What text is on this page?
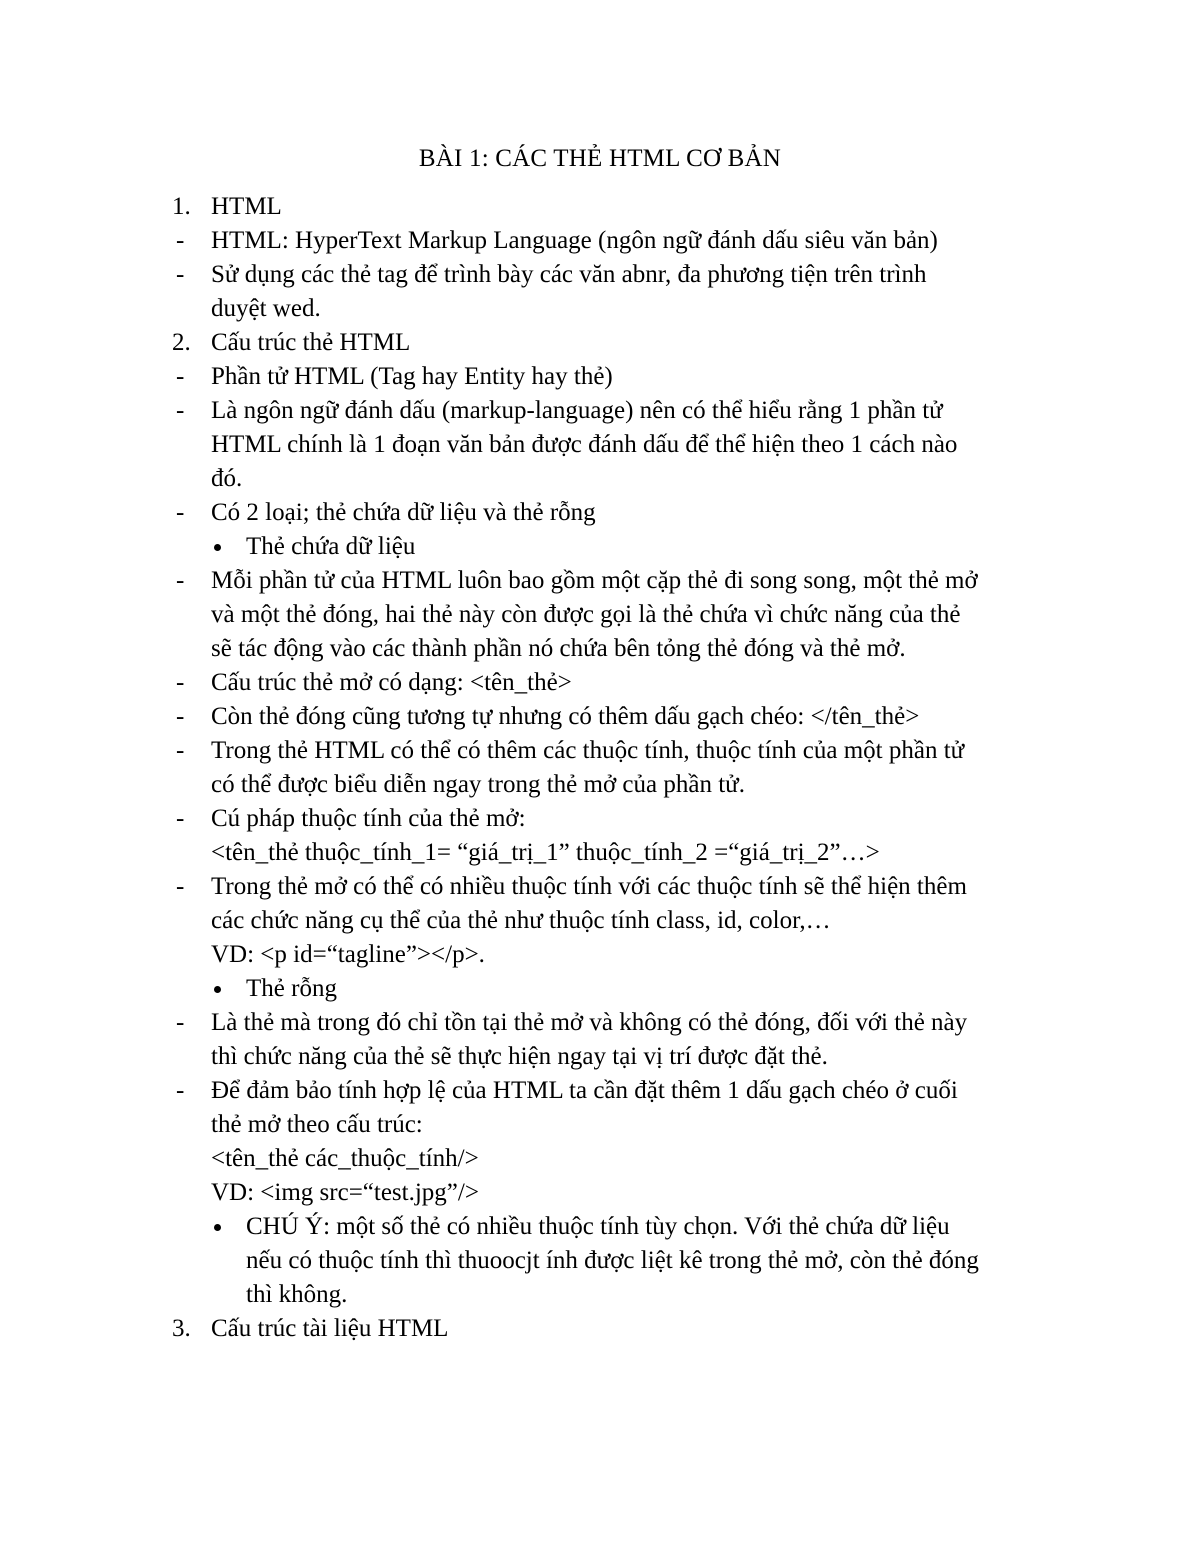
BÀI 1: CÁC THẺ HTML CƠ BẢN
1. HTML
- HTML: HyperText Markup Language (ngôn ngữ đánh dấu siêu văn bản)
- Sử dụng các thẻ tag để trình bày các văn abnr, đa phương tiện trên trình
duyệt wed.
2. Cấu trúc thẻ HTML
- Phần tử HTML (Tag hay Entity hay thẻ)
- Là ngôn ngữ đánh dấu (markup-language) nên có thể hiểu rằng 1 phần tử
HTML chính là 1 đoạn văn bản được đánh dấu để thể hiện theo 1 cách nào
đó.
- Có 2 loại; thẻ chứa dữ liệu và thẻ rỗng
Thẻ chứa dữ liệu
- Mỗi phần tử của HTML luôn bao gồm một cặp thẻ đi song song, một thẻ mở
và một thẻ đóng, hai thẻ này còn được gọi là thẻ chứa vì chức năng của thẻ
sẽ tác động vào các thành phần nó chứa bên tỏng thẻ đóng và thẻ mở.
- Cấu trúc thẻ mở có dạng: <tên_thẻ>
- Còn thẻ đóng cũng tương tự nhưng có thêm dấu gạch chéo: </tên_thẻ>
- Trong thẻ HTML có thể có thêm các thuộc tính, thuộc tính của một phần tử
có thể được biểu diễn ngay trong thẻ mở của phần tử.
- Cú pháp thuộc tính của thẻ mở:
<tên_thẻ thuộc_tính_1= “giá_trị_1” thuộc_tính_2 =“giá_trị_2”…>
- Trong thẻ mở có thể có nhiều thuộc tính với các thuộc tính sẽ thể hiện thêm
các chức năng cụ thể của thẻ như thuộc tính class, id, color,…
VD: <p id=“tagline”></p>.
Thẻ rỗng
- Là thẻ mà trong đó chỉ tồn tại thẻ mở và không có thẻ đóng, đối với thẻ này
thì chức năng của thẻ sẽ thực hiện ngay tại vị trí được đặt thẻ.
- Để đảm bảo tính hợp lệ của HTML ta cần đặt thêm 1 dấu gạch chéo ở cuối
thẻ mở theo cấu trúc:
<tên_thẻ các_thuộc_tính/>
VD: <img src=“test.jpg”/>
CHÚ Ý: một số thẻ có nhiều thuộc tính tùy chọn. Với thẻ chứa dữ liệu
nếu có thuộc tính thì thuoocjt ính được liệt kê trong thẻ mở, còn thẻ đóng
thì không.
3. Cấu trúc tài liệu HTML
